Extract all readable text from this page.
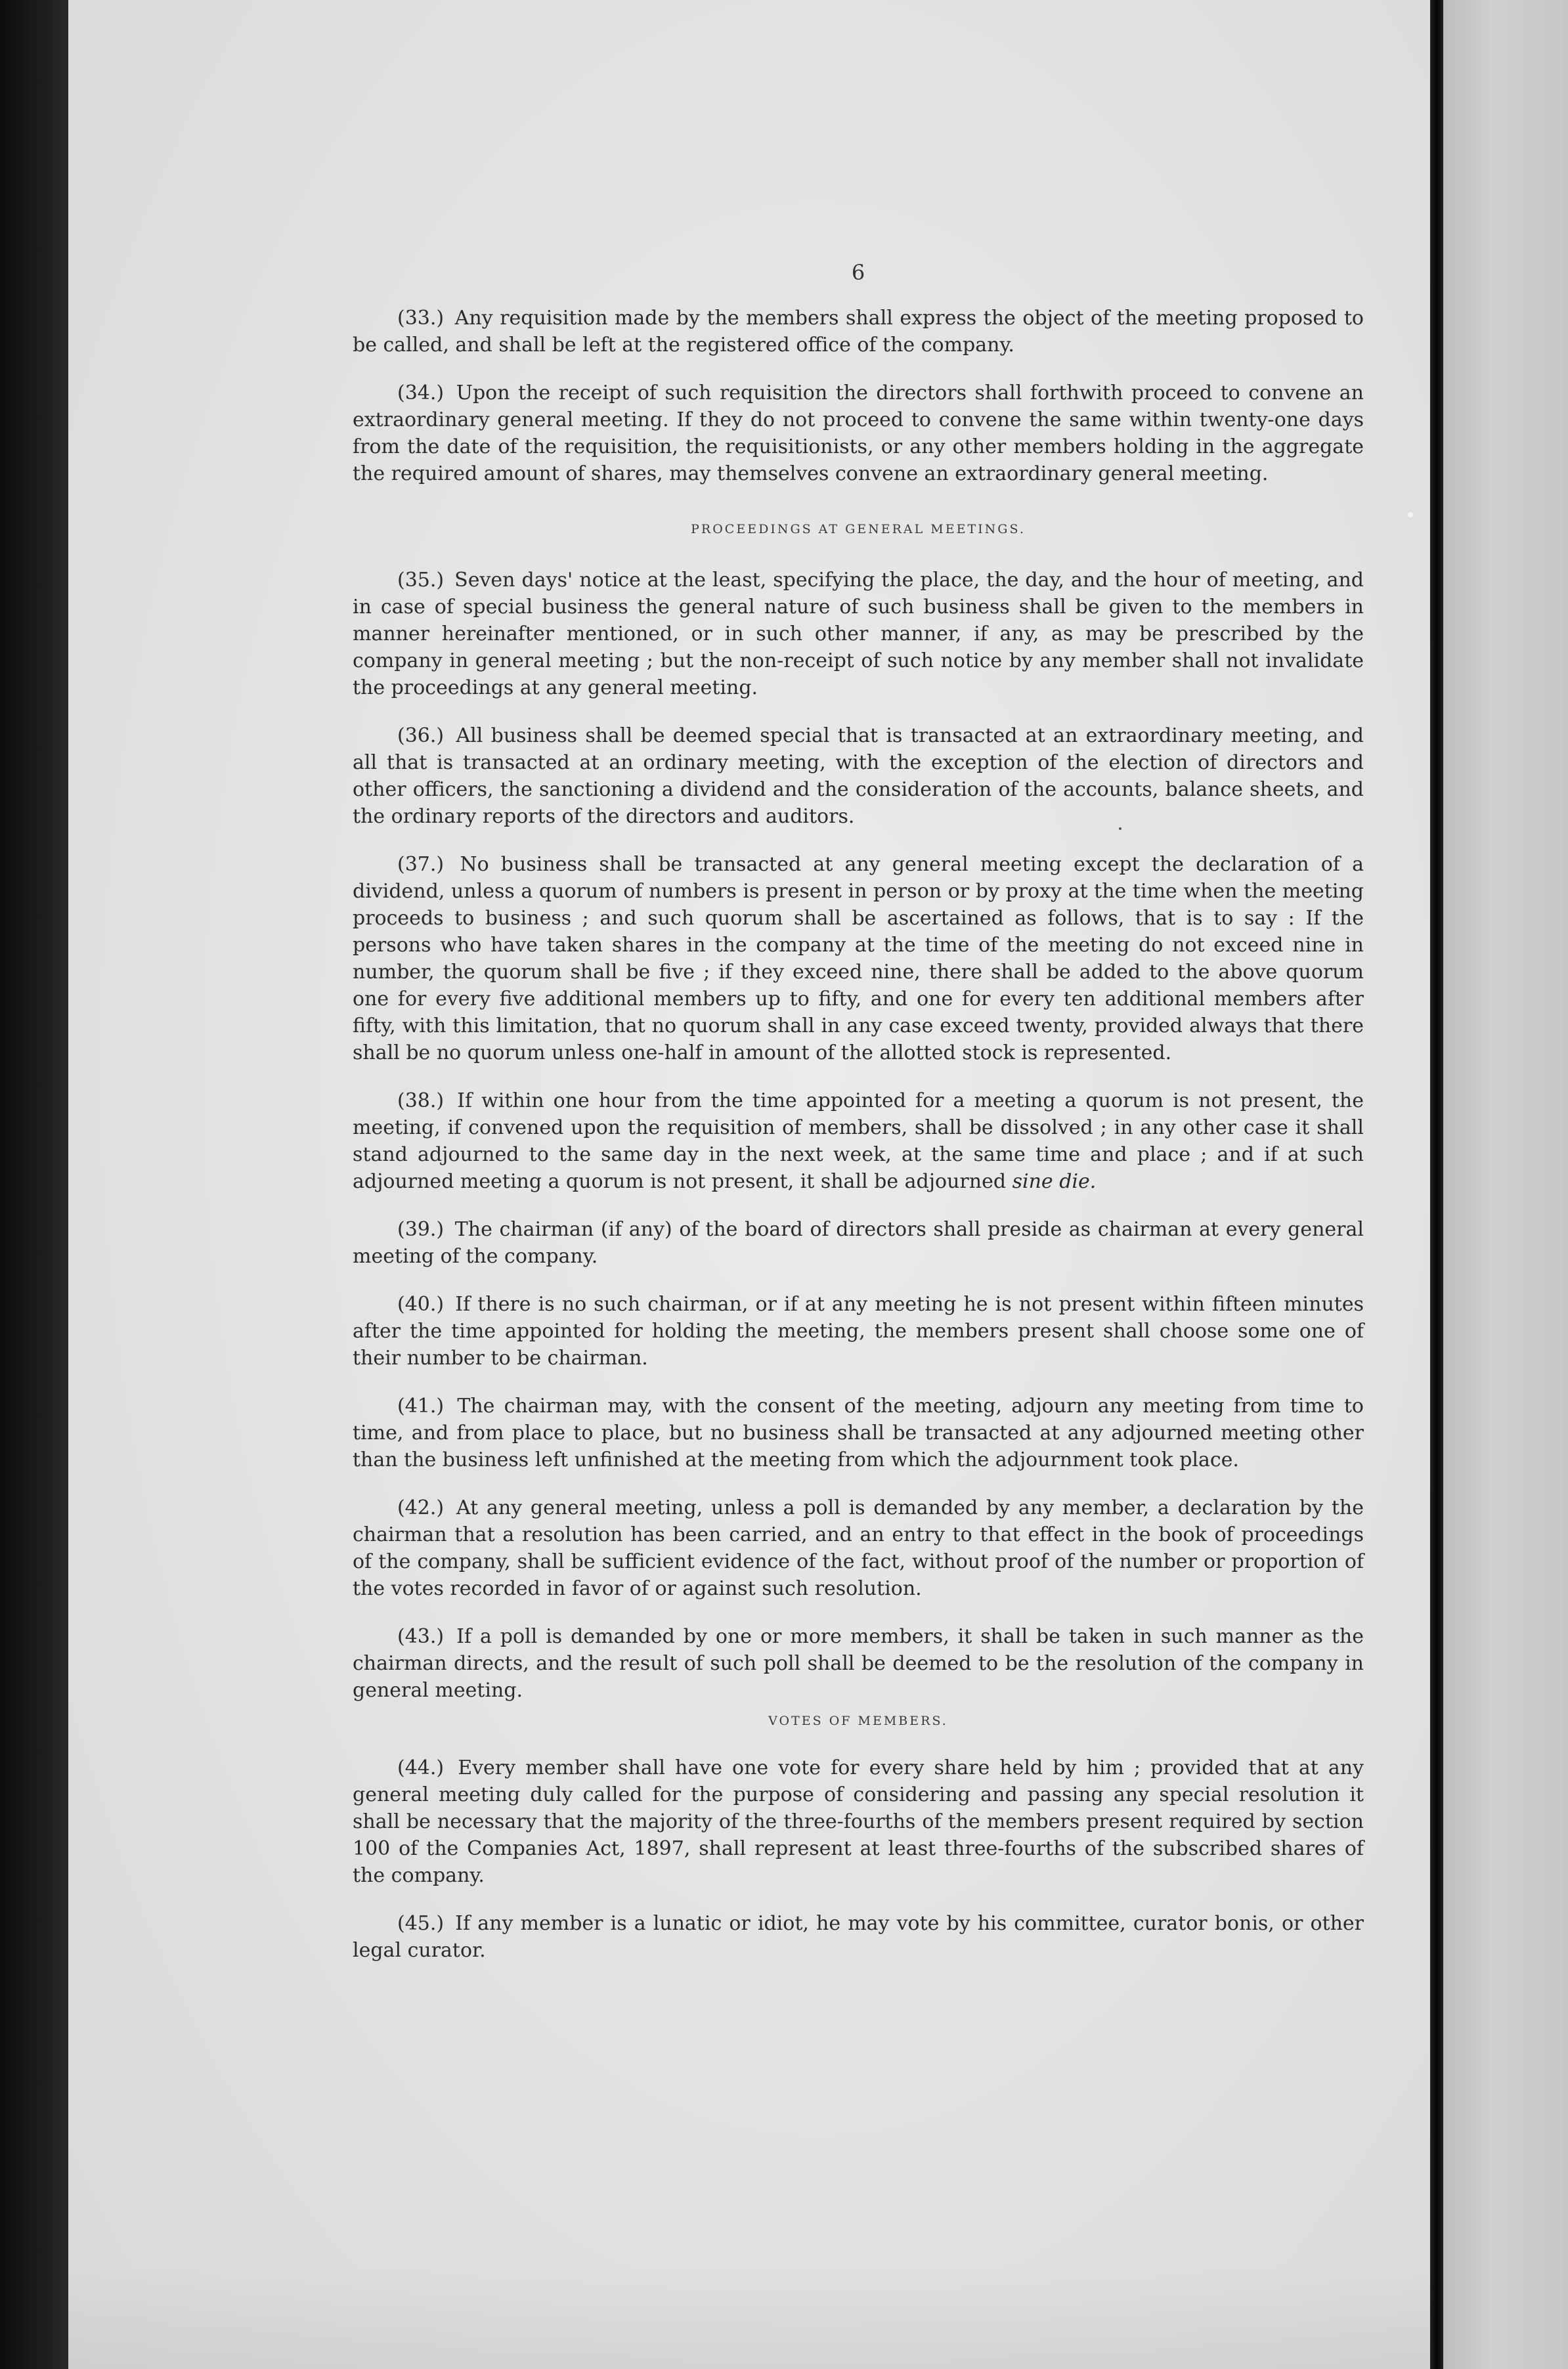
6

(33.) Any requisition made by the members shall express the object of the meeting proposed to be called, and shall be left at the registered office of the company.

(34.) Upon the receipt of such requisition the directors shall forthwith proceed to convene an extraordinary general meeting. If they do not proceed to convene the same within twenty-one days from the date of the requisition, the requisitionists, or any other members holding in the aggregate the required amount of shares, may themselves convene an extraordinary general meeting.

PROCEEDINGS AT GENERAL MEETINGS.

(35.) Seven days' notice at the least, specifying the place, the day, and the hour of meeting, and in case of special business the general nature of such business shall be given to the members in manner hereinafter mentioned, or in such other manner, if any, as may be prescribed by the company in general meeting ; but the non-receipt of such notice by any member shall not invalidate the proceedings at any general meeting.

(36.) All business shall be deemed special that is transacted at an extraordinary meeting, and all that is transacted at an ordinary meeting, with the exception of the election of directors and other officers, the sanctioning a dividend and the consideration of the accounts, balance sheets, and the ordinary reports of the directors and auditors.

(37.) No business shall be transacted at any general meeting except the declaration of a dividend, unless a quorum of numbers is present in person or by proxy at the time when the meeting proceeds to business ; and such quorum shall be ascertained as follows, that is to say : If the persons who have taken shares in the company at the time of the meeting do not exceed nine in number, the quorum shall be five ; if they exceed nine, there shall be added to the above quorum one for every five additional members up to fifty, and one for every ten additional members after fifty, with this limitation, that no quorum shall in any case exceed twenty, provided always that there shall be no quorum unless one-half in amount of the allotted stock is represented.

(38.) If within one hour from the time appointed for a meeting a quorum is not present, the meeting, if convened upon the requisition of members, shall be dissolved ; in any other case it shall stand adjourned to the same day in the next week, at the same time and place ; and if at such adjourned meeting a quorum is not present, it shall be adjourned sine die.

(39.) The chairman (if any) of the board of directors shall preside as chairman at every general meeting of the company.

(40.) If there is no such chairman, or if at any meeting he is not present within fifteen minutes after the time appointed for holding the meeting, the members present shall choose some one of their number to be chairman.

(41.) The chairman may, with the consent of the meeting, adjourn any meeting from time to time, and from place to place, but no business shall be transacted at any adjourned meeting other than the business left unfinished at the meeting from which the adjournment took place.

(42.) At any general meeting, unless a poll is demanded by any member, a declaration by the chairman that a resolution has been carried, and an entry to that effect in the book of proceedings of the company, shall be sufficient evidence of the fact, without proof of the number or proportion of the votes recorded in favor of or against such resolution.

(43.) If a poll is demanded by one or more members, it shall be taken in such manner as the chairman directs, and the result of such poll shall be deemed to be the resolution of the company in general meeting.

VOTES OF MEMBERS.

(44.) Every member shall have one vote for every share held by him ; provided that at any general meeting duly called for the purpose of considering and passing any special resolution it shall be necessary that the majority of the three-fourths of the members present required by section 100 of the Companies Act, 1897, shall represent at least three-fourths of the subscribed shares of the company.

(45.) If any member is a lunatic or idiot, he may vote by his committee, curator bonis, or other legal curator.
